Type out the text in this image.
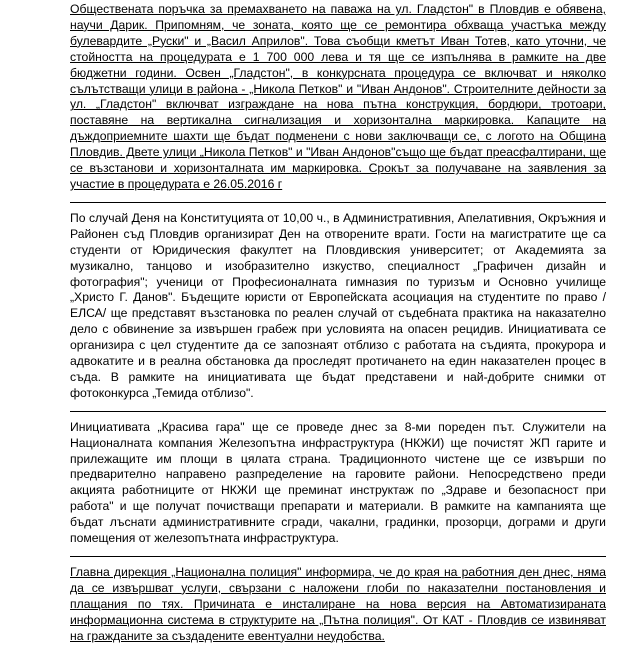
Обществената поръчка за премахването на паважа на ул. Гладстон" в Пловдив е обявена, научи Дарик. Припомням, че зоната, която ще се ремонтира обхваща участъка между булевардите „Руски" и „Васил Априлов". Това съобщи кметът Иван Тотев, като уточни, че стойността на процедурата е 1 700 000 лева и тя ще се изпълнява в рамките на две бюджетни години. Освен „Гладстон", в конкурсната процедура се включват и няколко сълътстващи улици в района - „Никола Петков" и "Иван Андонов". Строителните дейности за ул. „Гладстон" включват изграждане на нова пътна конструкция, бордюри, тротоари, поставяне на вертикална сигнализация и хоризонтална маркировка. Капаците на дъждоприемните шахти ще бъдат подменени с нови заключващи се, с логото на Община Пловдив. Двете улици „Никола Петков" и "Иван Андонов"също ще бъдат преасфалтирани, ще се възстанови и хоризонталната им маркировка. Срокът за получаване на заявления за участие в процедурата е 26.05.2016 г
По случай Деня на Конституцията от 10,00 ч., в Административния, Апелативния, Окръжния и Районен съд Пловдив организират Ден на отворените врати. Гости на магистратите ще са студенти от Юридическия факултет на Пловдивския университет; от Академията за музикално, танцово и изобразително изкуство, специалност „Графичен дизайн и фотография"; ученици от Професионалната гимназия по туризъм и Основно училище „Христо Г. Данов". Бъдещите юристи от Европейската асоциация на студентите по право /ЕЛСА/ ще представят възстановка по реален случай от съдебната практика на наказателно дело с обвинение за извършен грабеж при условията на опасен рецидив. Инициативата се организира с цел студентите да се запознаят отблизо с работата на съдията, прокурора и адвокатите и в реална обстановка да проследят протичането на един наказателен процес в съда. В рамките на инициативата ще бъдат представени и най-добрите снимки от фотоконкурса „Темида отблизо".
Инициативата „Красива гара" ще се проведе днес за 8-ми пореден път. Служители на Националната компания Железопътна инфраструктура (НКЖИ) ще почистят ЖП гарите и прилежащите им площи в цялата страна. Традиционното чистене ще се извърши по предварително направено разпределение на гаровите райони. Непосредствено преди акцията работниците от НКЖИ ще преминат инструктаж по „Здраве и безопасност при работа" и ще получат почистващи препарати и материали. В рамките на кампанията ще бъдат лъснати административните сгради, чакални, градинки, прозорци, дограми и други помещения от железопътната инфраструктура.
Главна дирекция „Национална полиция" информира, че до края на работния ден днес, няма да се извършват услуги, свързани с наложени глоби по наказателни постановления и плащания по тях. Причината е инсталиране на нова версия на Автоматизираната информационна система в структурите на „Пътна полиция". От КАТ - Пловдив се извиняват на гражданите за създадените евентуални неудобства.
